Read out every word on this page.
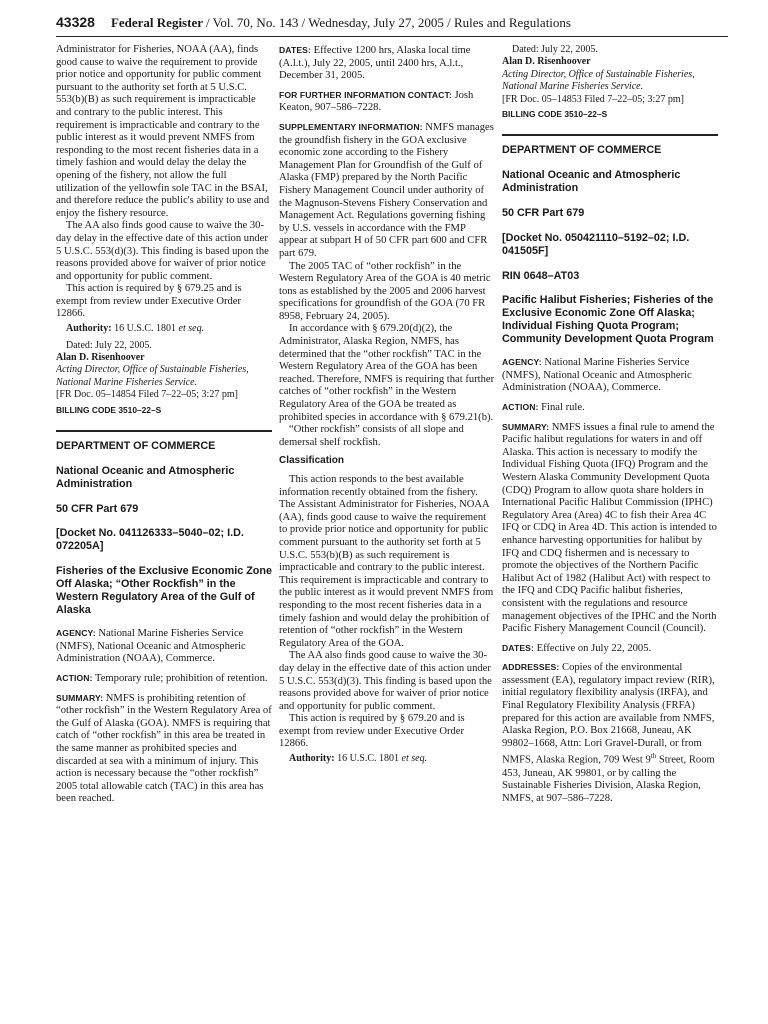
43328 Federal Register / Vol. 70, No. 143 / Wednesday, July 27, 2005 / Rules and Regulations

Administrator for Fisheries, NOAA (AA), finds good cause to waive the requirement to provide prior notice and opportunity for public comment pursuant to the authority set forth at 5 U.S.C. 553(b)(B) as such requirement is impracticable and contrary to the public interest. This requirement is impracticable and contrary to the public interest as it would prevent NMFS from responding to the most recent fisheries data in a timely fashion and would delay the delay the opening of the fishery, not allow the full utilization of the yellowfin sole TAC in the BSAI, and therefore reduce the public's ability to use and enjoy the fishery resource.

The AA also finds good cause to waive the 30-day delay in the effective date of this action under 5 U.S.C. 553(d)(3). This finding is based upon the reasons provided above for waiver of prior notice and opportunity for public comment.

This action is required by § 679.25 and is exempt from review under Executive Order 12866.

Authority: 16 U.S.C. 1801 et seq.

Dated: July 22, 2005.

Alan D. Risenhoover

Acting Director, Office of Sustainable Fisheries, National Marine Fisheries Service.

[FR Doc. 05–14854 Filed 7–22–05; 3:27 pm]

BILLING CODE 3510–22–S

DEPARTMENT OF COMMERCE

National Oceanic and Atmospheric Administration

50 CFR Part 679

[Docket No. 041126333–5040–02; I.D. 072205A]

Fisheries of the Exclusive Economic Zone Off Alaska; “Other Rockfish” in the Western Regulatory Area of the Gulf of Alaska

AGENCY: National Marine Fisheries Service (NMFS), National Oceanic and Atmospheric Administration (NOAA), Commerce.

ACTION: Temporary rule; prohibition of retention.

SUMMARY: NMFS is prohibiting retention of “other rockfish” in the Western Regulatory Area of the Gulf of Alaska (GOA). NMFS is requiring that catch of “other rockfish” in this area be treated in the same manner as prohibited species and discarded at sea with a minimum of injury. This action is necessary because the “other rockfish” 2005 total allowable catch (TAC) in this area has been reached.

DATES: Effective 1200 hrs, Alaska local time (A.l.t.), July 22, 2005, until 2400 hrs, A.l.t., December 31, 2005.

FOR FURTHER INFORMATION CONTACT: Josh Keaton, 907–586–7228.

SUPPLEMENTARY INFORMATION: NMFS manages the groundfish fishery in the GOA exclusive economic zone according to the Fishery Management Plan for Groundfish of the Gulf of Alaska (FMP) prepared by the North Pacific Fishery Management Council under authority of the Magnuson-Stevens Fishery Conservation and Management Act. Regulations governing fishing by U.S. vessels in accordance with the FMP appear at subpart H of 50 CFR part 600 and CFR part 679.

The 2005 TAC of “other rockfish” in the Western Regulatory Area of the GOA is 40 metric tons as established by the 2005 and 2006 harvest specifications for groundfish of the GOA (70 FR 8958, February 24, 2005).

In accordance with § 679.20(d)(2), the Administrator, Alaska Region, NMFS, has determined that the “other rockfish” TAC in the Western Regulatory Area of the GOA has been reached. Therefore, NMFS is requiring that further catches of “other rockfish” in the Western Regulatory Area of the GOA be treated as prohibited species in accordance with § 679.21(b).

“Other rockfish” consists of all slope and demersal shelf rockfish.

Classification

This action responds to the best available information recently obtained from the fishery. The Assistant Administrator for Fisheries, NOAA (AA), finds good cause to waive the requirement to provide prior notice and opportunity for public comment pursuant to the authority set forth at 5 U.S.C. 553(b)(B) as such requirement is impracticable and contrary to the public interest. This requirement is impracticable and contrary to the public interest as it would prevent NMFS from responding to the most recent fisheries data in a timely fashion and would delay the prohibition of retention of “other rockfish” in the Western Regulatory Area of the GOA.

The AA also finds good cause to waive the 30-day delay in the effective date of this action under 5 U.S.C. 553(d)(3). This finding is based upon the reasons provided above for waiver of prior notice and opportunity for public comment.

This action is required by § 679.20 and is exempt from review under Executive Order 12866.

Authority: 16 U.S.C. 1801 et seq.

Dated: July 22, 2005.

Alan D. Risenhoover

Acting Director, Office of Sustainable Fisheries, National Marine Fisheries Service.

[FR Doc. 05–14853 Filed 7–22–05; 3:27 pm]

BILLING CODE 3510–22–S

DEPARTMENT OF COMMERCE

National Oceanic and Atmospheric Administration

50 CFR Part 679

[Docket No. 050421110–5192–02; I.D. 041505F]

RIN 0648–AT03

Pacific Halibut Fisheries; Fisheries of the Exclusive Economic Zone Off Alaska; Individual Fishing Quota Program; Community Development Quota Program

AGENCY: National Marine Fisheries Service (NMFS), National Oceanic and Atmospheric Administration (NOAA), Commerce.

ACTION: Final rule.

SUMMARY: NMFS issues a final rule to amend the Pacific halibut regulations for waters in and off Alaska. This action is necessary to modify the Individual Fishing Quota (IFQ) Program and the Western Alaska Community Development Quota (CDQ) Program to allow quota share holders in International Pacific Halibut Commission (IPHC) Regulatory Area (Area) 4C to fish their Area 4C IFQ or CDQ in Area 4D. This action is intended to enhance harvesting opportunities for halibut by IFQ and CDQ fishermen and is necessary to promote the objectives of the Northern Pacific Halibut Act of 1982 (Halibut Act) with respect to the IFQ and CDQ Pacific halibut fisheries, consistent with the regulations and resource management objectives of the IPHC and the North Pacific Fishery Management Council (Council).

DATES: Effective on July 22, 2005.

ADDRESSES: Copies of the environmental assessment (EA), regulatory impact review (RIR), initial regulatory flexibility analysis (IRFA), and Final Regulatory Flexibility Analysis (FRFA) prepared for this action are available from NMFS, Alaska Region, P.O. Box 21668, Juneau, AK 99802–1668, Attn: Lori Gravel-Durall, or from NMFS, Alaska Region, 709 West 9th Street, Room 453, Juneau, AK 99801, or by calling the Sustainable Fisheries Division, Alaska Region, NMFS, at 907–586–7228.
